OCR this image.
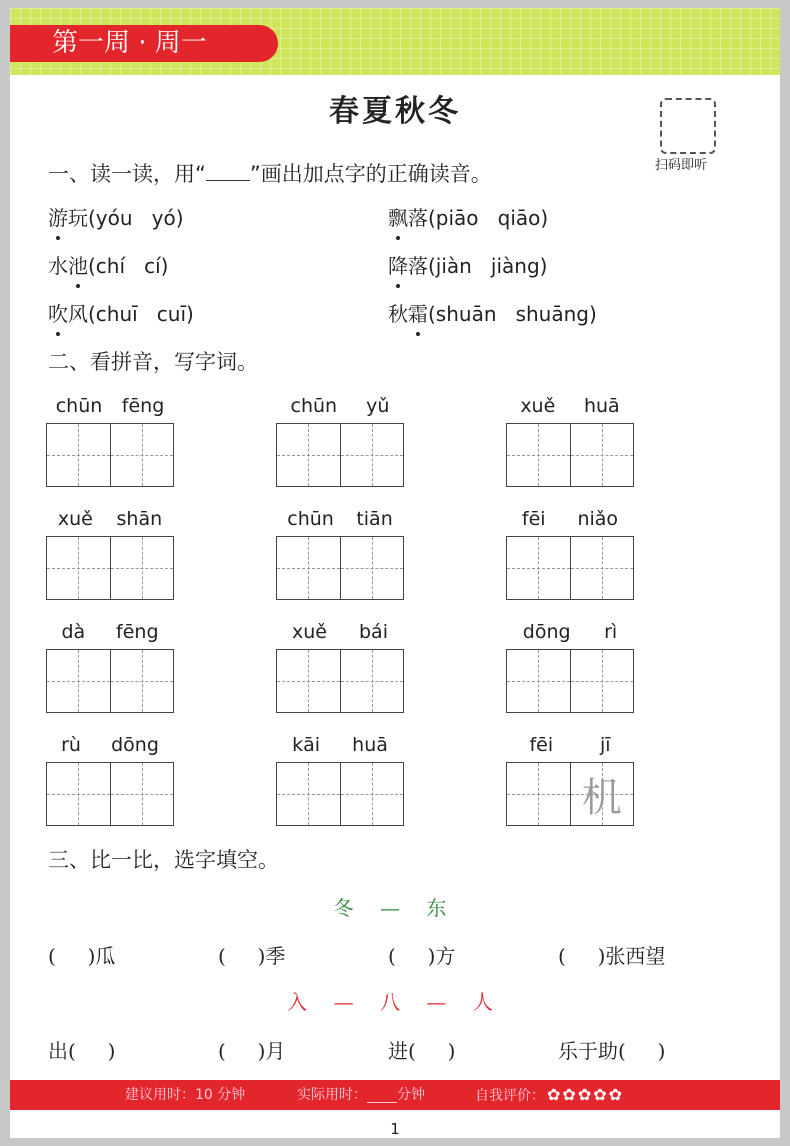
第一周 · 周一
春夏秋冬
扫码即听
一、读一读，用“ ”画出加点字的正确读音。
游玩(yóu   yó)	飘落(piāo   qiāo)
水池(chí   cí)	降落(jiàn   jiàng)
吹风(chuī   cuī)	秋霜(shuān   shuāng)
二、看拼音，写字词。
chūn fēng	chūn yǔ	xuě huā
xuě shān	chūn tiān	fēi niǎo
dà fēng	xuě bái	dōng rì
rù dōng	kāi huā	fēi jī
机
三、比一比，选字填空。
冬 — 东
入 — 八 — 人
(     )瓜	(     )季	(     )方	(     )张西望
出(     )	(     )月	进(     )	乐于助(     )
建议用时：10 分钟	实际用时： 分钟	自我评价： ✿ ✿ ✿ ✿ ✿
1
